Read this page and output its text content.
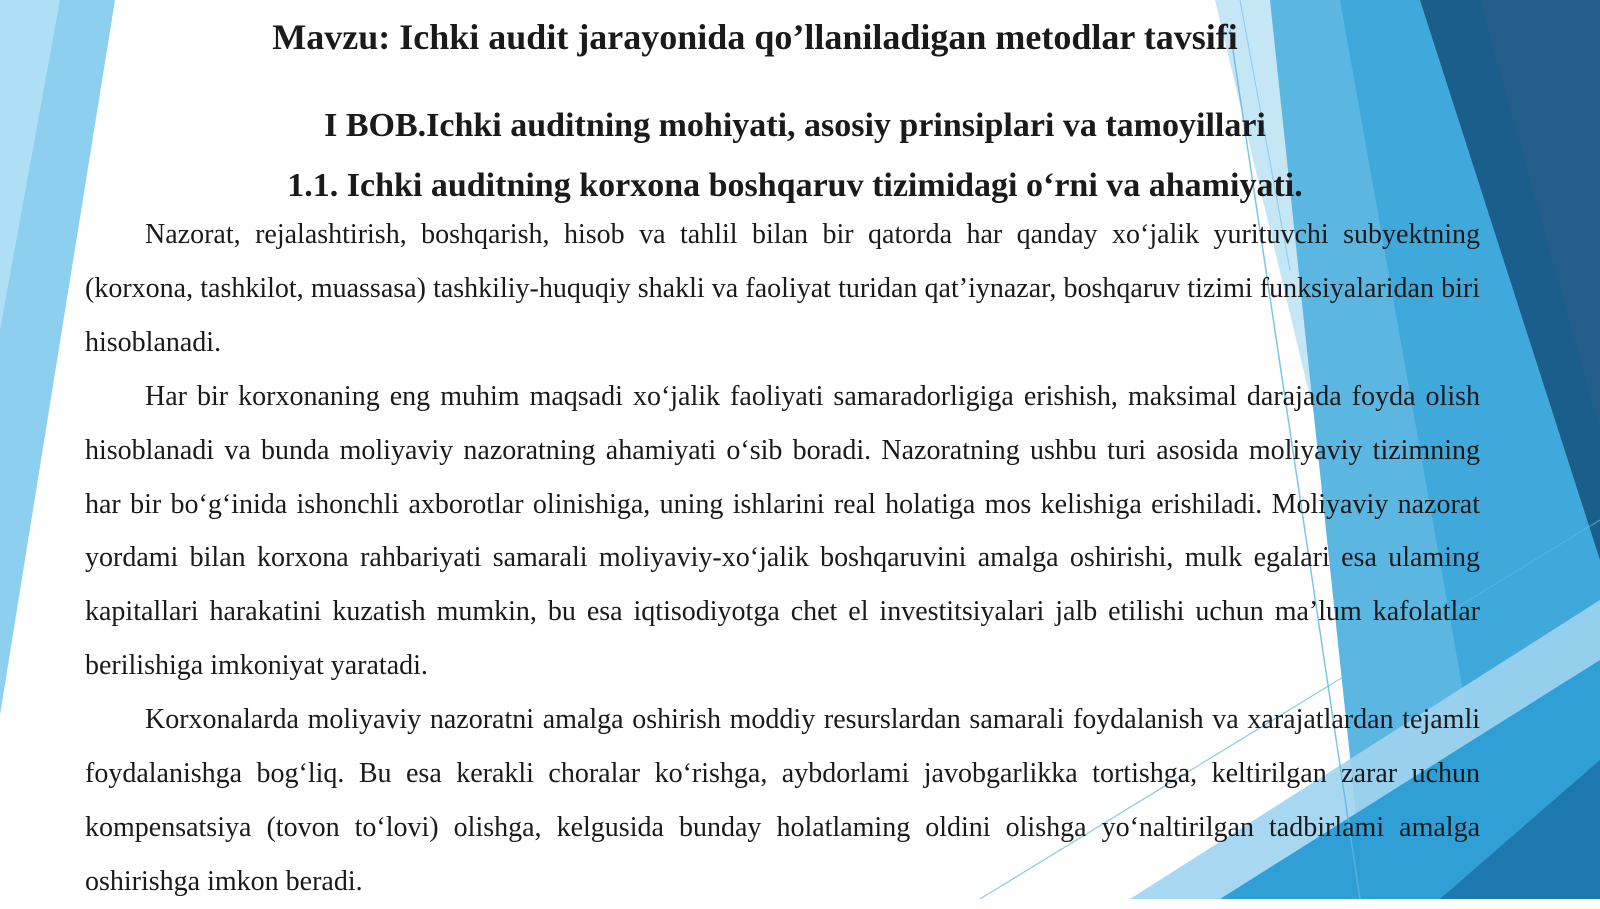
Mavzu: Ichki audit jarayonida qo’llaniladigan metodlar tavsifi
I BOB.Ichki auditning mohiyati, asosiy prinsiplari va tamoyillari
1.1. Ichki auditning korxona boshqaruv tizimidagi o‘rni va ahamiyati.

Nazorat, rejalashtirish, boshqarish, hisob va tahlil bilan bir qatorda har qanday xo‘jalik yurituvchi subyektning (korxona, tashkilot, muassasa) tashkiliy-huquqiy shakli va faoliyat turidan qat’iynazar, boshqaruv tizimi funksiyalaridan biri hisoblanadi.

Har bir korxonaning eng muhim maqsadi xo‘jalik faoliyati samaradorligiga erishish, maksimal darajada foyda olish hisoblanadi va bunda moliyaviy nazoratning ahamiyati o‘sib boradi. Nazoratning ushbu turi asosida moliyaviy tizimning har bir bo‘g‘inida ishonchli axborotlar olinishiga, uning ishlarini real holatiga mos kelishiga erishiladi. Moliyaviy nazorat yordami bilan korxona rahbariyati samarali moliyaviy-xo‘jalik boshqaruvini amalga oshirishi, mulk egalari esa ulaming kapitallari harakatini kuzatish mumkin, bu esa iqtisodiyotga chet el investitsiyalari jalb etilishi uchun ma’lum kafolatlar berilishiga imkoniyat yaratadi.

Korxonalarda moliyaviy nazoratni amalga oshirish moddiy resurslardan samarali foydalanish va xarajatlardan tejamli foydalanishga bog‘liq. Bu esa kerakli choralar ko‘rishga, aybdorlami javobgarlikka tortishga, keltirilgan zarar uchun kompensatsiya (tovon to‘lovi) olishga, kelgusida bunday holatlaming oldini olishga yo‘naltirilgan tadbirlami amalga oshirishga imkon beradi.
